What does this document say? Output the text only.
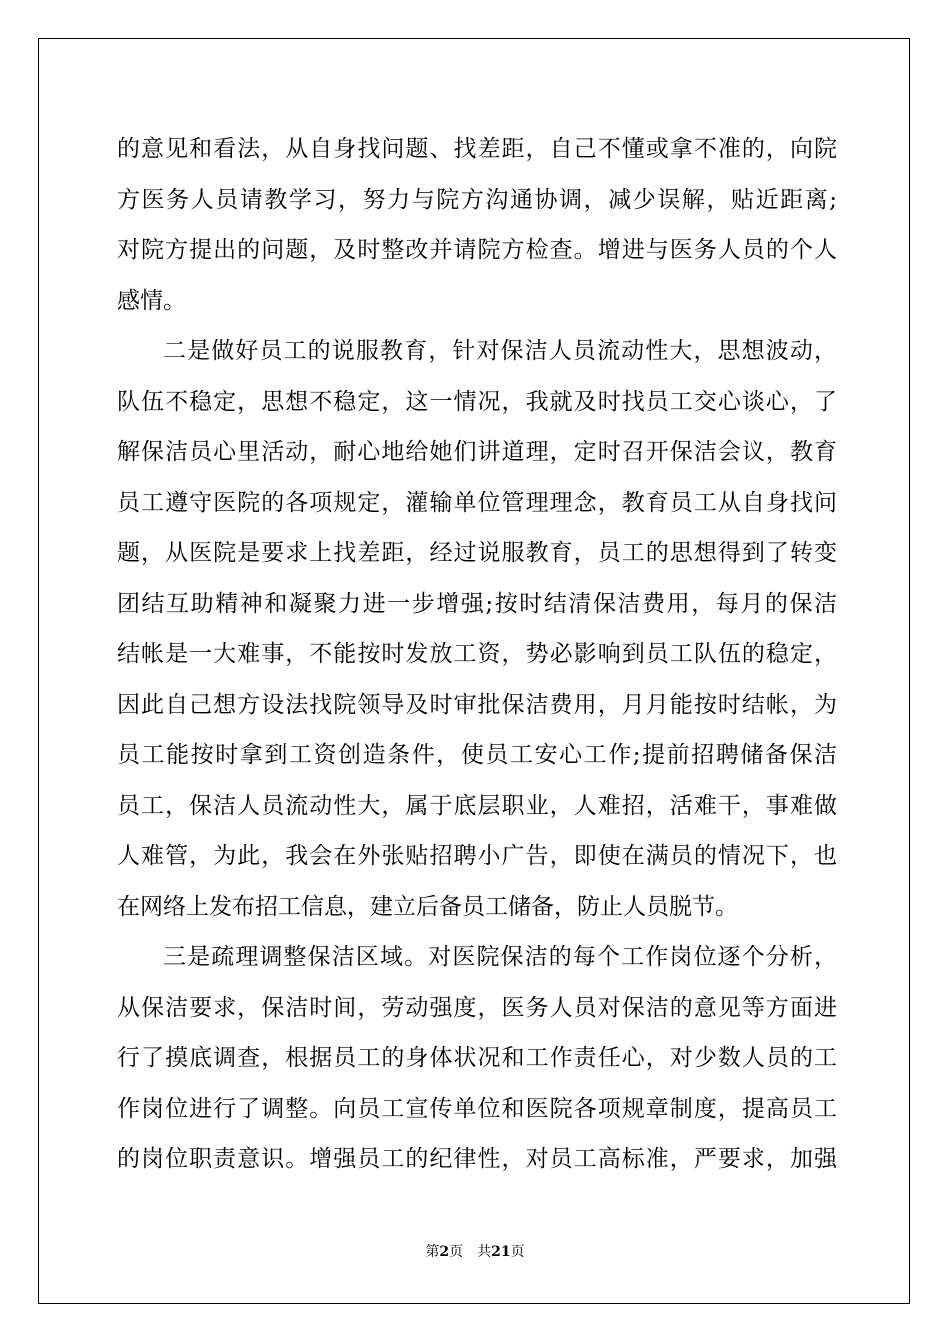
的意见和看法，从自身找问题、找差距，自己不懂或拿不准的，向院
方医务人员请教学习，努力与院方沟通协调，减少误解，贴近距离;
对院方提出的问题，及时整改并请院方检查。增进与医务人员的个人
感情。
二是做好员工的说服教育，针对保洁人员流动性大，思想波动，
队伍不稳定，思想不稳定，这一情况，我就及时找员工交心谈心，了
解保洁员心里活动，耐心地给她们讲道理，定时召开保洁会议，教育
员工遵守医院的各项规定，灌输单位管理理念，教育员工从自身找问
题，从医院是要求上找差距，经过说服教育，员工的思想得到了转变
团结互助精神和凝聚力进一步增强;按时结清保洁费用，每月的保洁
结帐是一大难事，不能按时发放工资，势必影响到员工队伍的稳定，
因此自己想方设法找院领导及时审批保洁费用，月月能按时结帐，为
员工能按时拿到工资创造条件，使员工安心工作;提前招聘储备保洁
员工，保洁人员流动性大，属于底层职业，人难招，活难干，事难做
人难管，为此，我会在外张贴招聘小广告，即使在满员的情况下，也
在网络上发布招工信息，建立后备员工储备，防止人员脱节。
三是疏理调整保洁区域。对医院保洁的每个工作岗位逐个分析，
从保洁要求，保洁时间，劳动强度，医务人员对保洁的意见等方面进
行了摸底调查，根据员工的身体状况和工作责任心，对少数人员的工
作岗位进行了调整。向员工宣传单位和医院各项规章制度，提高员工
的岗位职责意识。增强员工的纪律性，对员工高标准，严要求，加强
第2页 共21页
